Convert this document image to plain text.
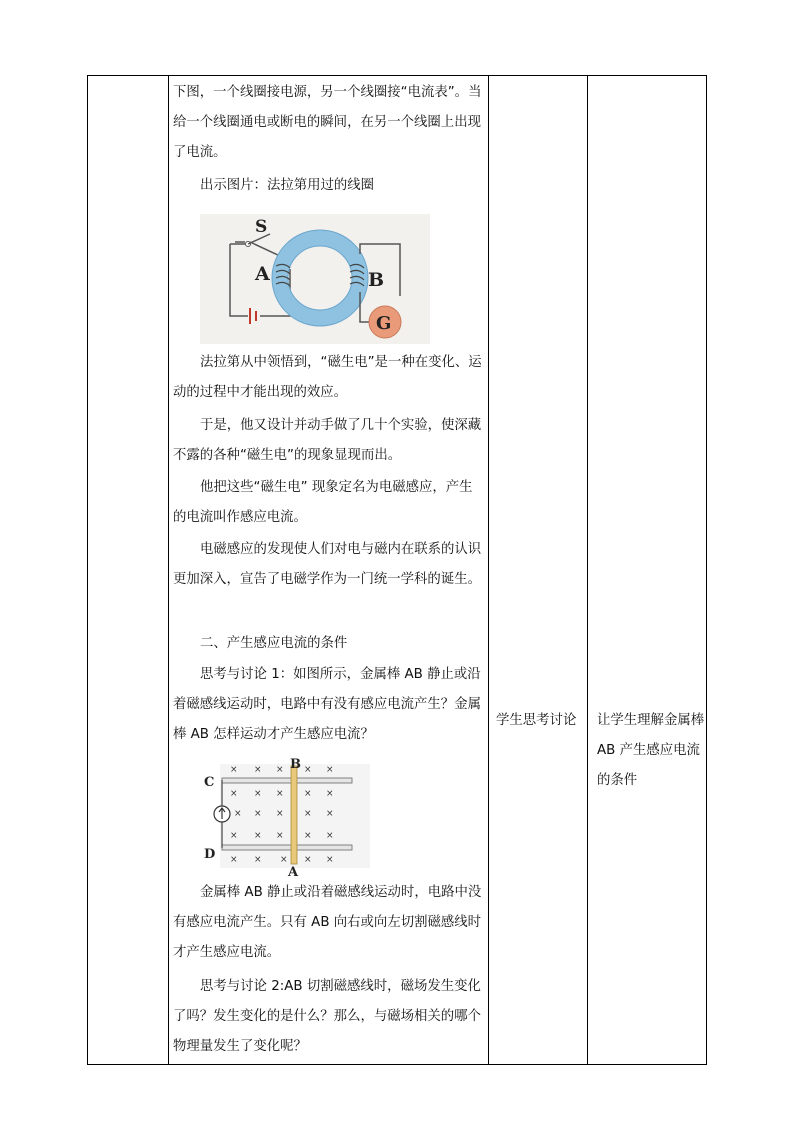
下图，一个线圈接电源，另一个线圈接“电流表”。当给一个线圈通电或断电的瞬间，在另一个线圈上出现了电流。

出示图片：法拉第用过的线圈

S
A	B
G

法拉第从中领悟到，“磁生电”是一种在变化、运动的过程中才能出现的效应。

于是，他又设计并动手做了几十个实验，使深藏不露的各种“磁生电”的现象显现而出。

他把这些“磁生电” 现象定名为电磁感应，产生的电流叫作感应电流。

电磁感应的发现使人们对电与磁内在联系的认识更加深入，宣告了电磁学作为一门统一学科的诞生。

二、产生感应电流的条件

思考与讨论 1：如图所示，金属棒 AB 静止或沿着磁感线运动时，电路中有没有感应电流产生？金属棒 AB 怎样运动才产生感应电流？

C
D
B
A
× × × × ×
× × × × ×
× × × × ×
× × × × ×
× × × × ×

金属棒 AB 静止或沿着磁感线运动时，电路中没有感应电流产生。只有 AB 向右或向左切割磁感线时才产生感应电流。

思考与讨论 2:AB 切割磁感线时，磁场发生变化了吗？发生变化的是什么？那么，与磁场相关的哪个物理量发生了变化呢？

学生思考讨论	让学生理解金属棒 AB 产生感应电流的条件
